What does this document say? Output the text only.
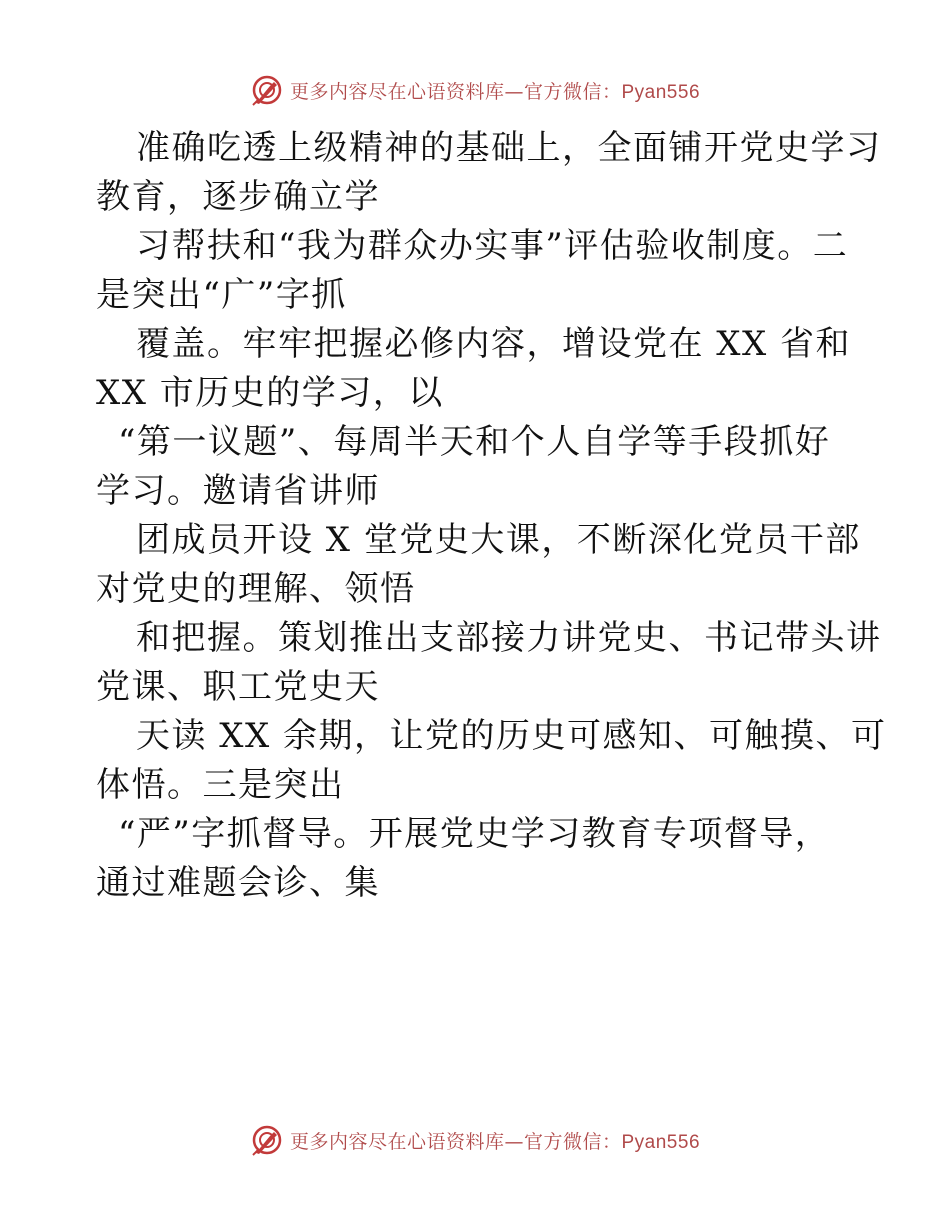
更多内容尽在心语资料库—官方微信：Pyan556
准确吃透上级精神的基础上，全面铺开党史学习
教育，逐步确立学
习帮扶和“我为群众办实事”评估验收制度。二
是突出“广”字抓
覆盖。牢牢把握必修内容，增设党在 XX 省和
XX 市历史的学习，以
“第一议题”、每周半天和个人自学等手段抓好
学习。邀请省讲师
团成员开设 X 堂党史大课，不断深化党员干部
对党史的理解、领悟
和把握。策划推出支部接力讲党史、书记带头讲
党课、职工党史天
天读 XX 余期，让党的历史可感知、可触摸、可
体悟。三是突出
“严”字抓督导。开展党史学习教育专项督导，
通过难题会诊、集
更多内容尽在心语资料库—官方微信：Pyan556
